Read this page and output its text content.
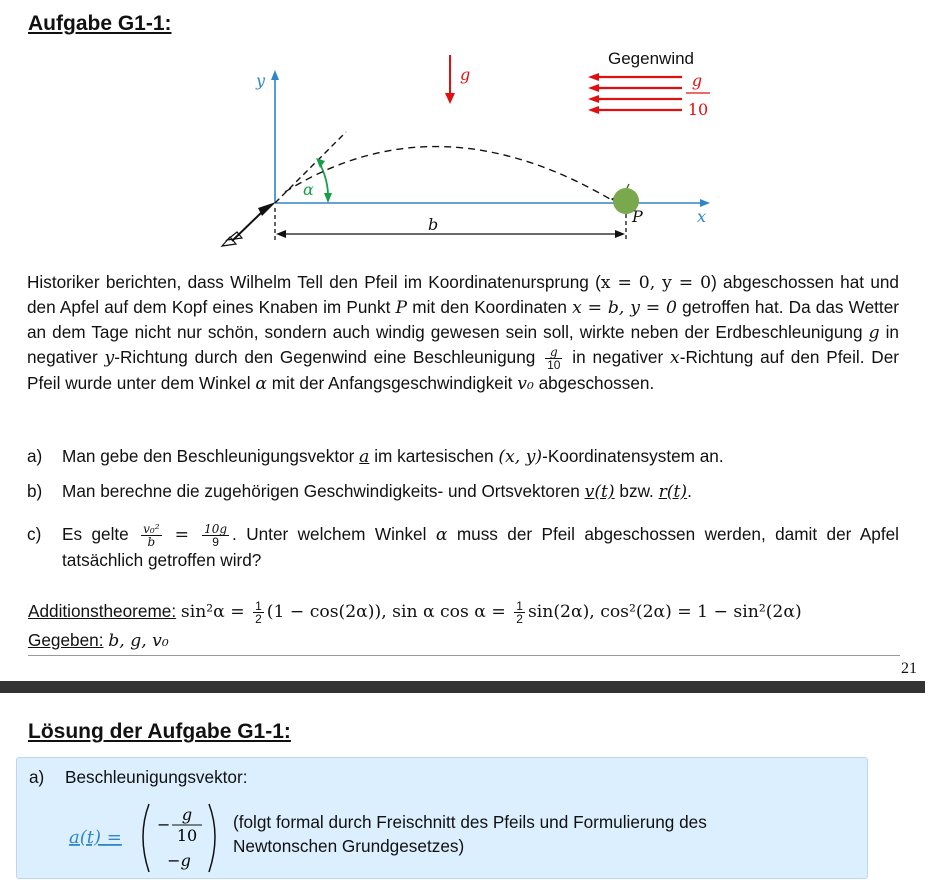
Aufgabe G1-1:
y
x
g
Gegenwind
g
10
α
P
b
Historiker berichten, dass Wilhelm Tell den Pfeil im Koordinatenursprung (x = 0, y = 0) abgeschossen hat und den Apfel auf dem Kopf eines Knaben im Punkt P mit den Koordinaten x = b, y = 0 getroffen hat. Da das Wetter an dem Tage nicht nur schön, sondern auch windig gewesen sein soll, wirkte neben der Erdbeschleunigung g in negativer y-Richtung durch den Gegenwind eine Beschleunigung $\frac{g}{10}$ in negativer x-Richtung auf den Pfeil. Der Pfeil wurde unter dem Winkel α mit der Anfangsgeschwindigkeit v₀ abgeschossen.
a) Man gebe den Beschleunigungsvektor a im kartesischen (x, y)-Koordinatensystem an.
b) Man berechne die zugehörigen Geschwindigkeits- und Ortsvektoren v(t) bzw. r(t).
c) Es gelte $\frac{\text{v₀²}}{b} = \frac{10g}{9}$ . Unter welchem Winkel α muss der Pfeil abgeschossen werden, damit der Apfel tatsächlich getroffen wird?
Additionstheoreme: $\sin^2\alpha = \frac{1}{2} (1 - \cos(2\alpha))$, sin α $\cos \alpha = \frac{1}{2} \sin(2\alpha)$, cos²(2α) = 1 − sin²(2α)
Gegeben: b, g, v₀
21
Lösung der Aufgabe G1-1:
a) Beschleunigungsvektor:
a(t) =
−
g
10
−g
(folgt formal durch Freischnitt des Pfeils und Formulierung des
Newtonschen Grundgesetzes)
